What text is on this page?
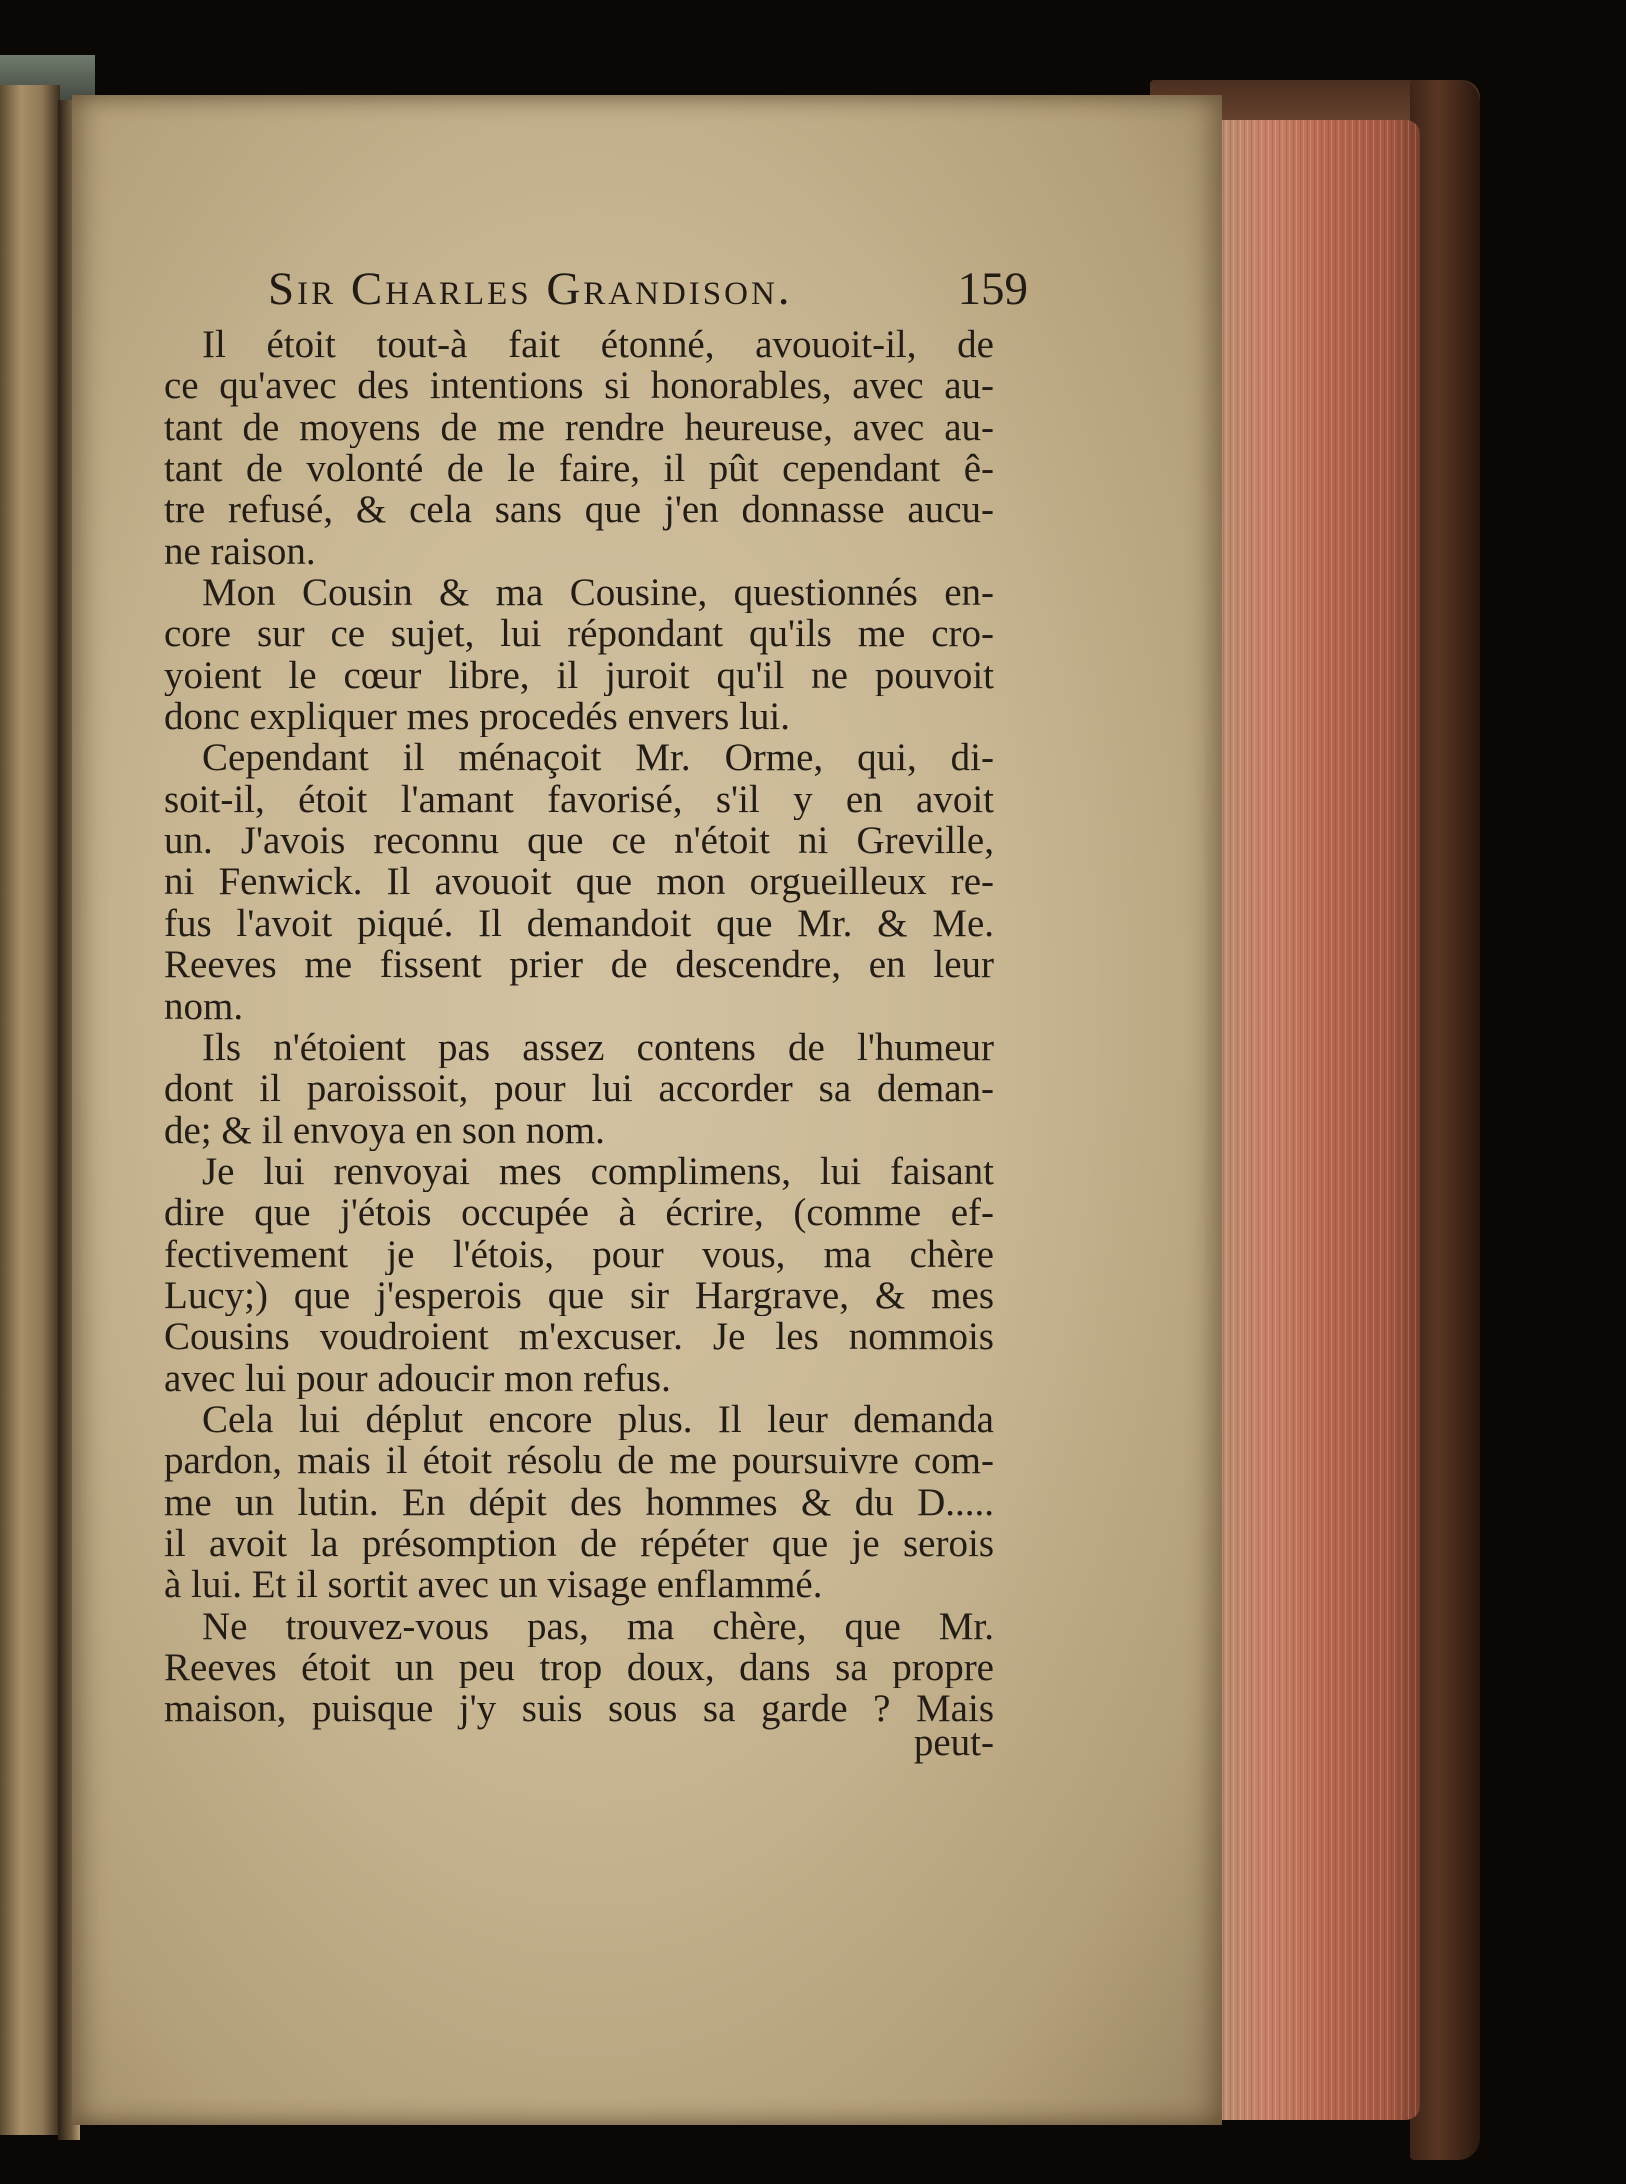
Sir Charles Grandison.	159
Il étoit tout-à fait étonné, avouoit-il, de
ce qu'avec des intentions si honorables, avec au-
tant de moyens de me rendre heureuse, avec au-
tant de volonté de le faire, il pût cependant ê-
tre refusé, & cela sans que j'en donnasse aucu-
ne raison.
Mon Cousin & ma Cousine, questionnés en-
core sur ce sujet, lui répondant qu'ils me cro-
yoient le cœur libre, il juroit qu'il ne pouvoit
donc expliquer mes procedés envers lui.
Cependant il ménaçoit Mr. Orme, qui, di-
soit-il, étoit l'amant favorisé, s'il y en avoit
un. J'avois reconnu que ce n'étoit ni Greville,
ni Fenwick. Il avouoit que mon orgueilleux re-
fus l'avoit piqué. Il demandoit que Mr. & Me.
Reeves me fissent prier de descendre, en leur
nom.
Ils n'étoient pas assez contens de l'humeur
dont il paroissoit, pour lui accorder sa deman-
de; & il envoya en son nom.
Je lui renvoyai mes complimens, lui faisant
dire que j'étois occupée à écrire, (comme ef-
fectivement je l'étois, pour vous, ma chère
Lucy;) que j'esperois que sir Hargrave, & mes
Cousins voudroient m'excuser. Je les nommois
avec lui pour adoucir mon refus.
Cela lui déplut encore plus. Il leur demanda
pardon, mais il étoit résolu de me poursuivre com-
me un lutin. En dépit des hommes & du D.....
il avoit la présomption de répéter que je serois
à lui. Et il sortit avec un visage enflammé.
Ne trouvez-vous pas, ma chère, que Mr.
Reeves étoit un peu trop doux, dans sa propre
maison, puisque j'y suis sous sa garde ? Mais
peut-
